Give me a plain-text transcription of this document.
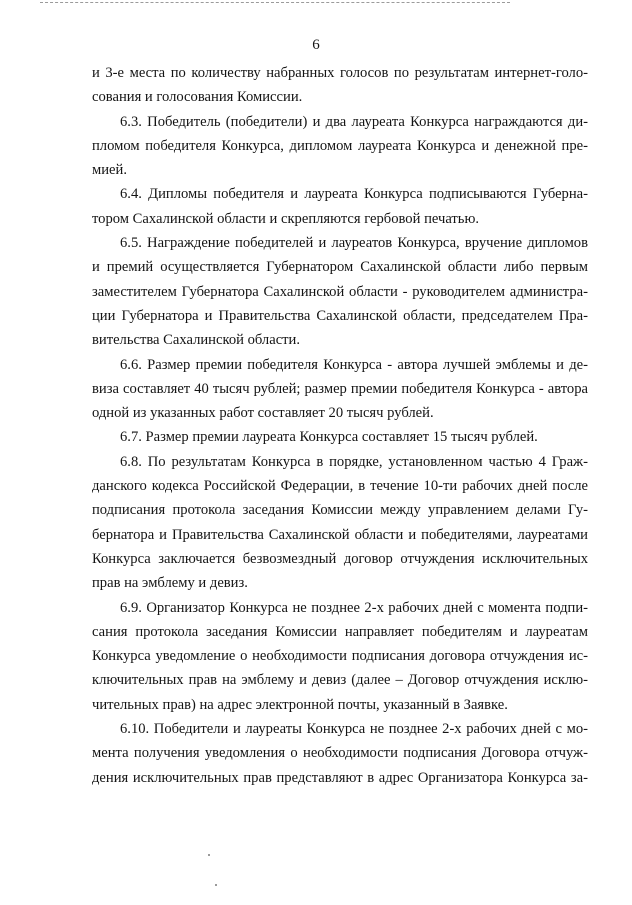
6

и 3-е места по количеству набранных голосов по результатам интернет-голо-
сования и голосования Комиссии.

6.3. Победитель (победители) и два лауреата Конкурса награждаются ди-
пломом победителя Конкурса, дипломом лауреата Конкурса и денежной пре-
мией.

6.4. Дипломы победителя и лауреата Конкурса подписываются Губерна-
тором Сахалинской области и скрепляются гербовой печатью.

6.5. Награждение победителей и лауреатов Конкурса, вручение дипломов
и премий осуществляется Губернатором Сахалинской области либо первым
заместителем Губернатора Сахалинской области - руководителем администра-
ции Губернатора и Правительства Сахалинской области, председателем Пра-
вительства Сахалинской области.

6.6. Размер премии победителя Конкурса - автора лучшей эмблемы и де-
виза составляет 40 тысяч рублей; размер премии победителя Конкурса - автора
одной из указанных работ составляет 20 тысяч рублей.

6.7. Размер премии лауреата Конкурса составляет 15 тысяч рублей.

6.8. По результатам Конкурса в порядке, установленном частью 4 Граж-
данского кодекса Российской Федерации, в течение 10-ти рабочих дней после
подписания протокола заседания Комиссии между управлением делами Гу-
бернатора и Правительства Сахалинской области и победителями, лауреатами
Конкурса заключается безвозмездный договор отчуждения исключительных
прав на эмблему и девиз.

6.9. Организатор Конкурса не позднее 2-х рабочих дней с момента подпи-
сания протокола заседания Комиссии направляет победителям и лауреатам
Конкурса уведомление о необходимости подписания договора отчуждения ис-
ключительных прав на эмблему и девиз (далее – Договор отчуждения исклю-
чительных прав) на адрес электронной почты, указанный в Заявке.

6.10. Победители и лауреаты Конкурса не позднее 2-х рабочих дней с мо-
мента получения уведомления о необходимости подписания Договора отчуж-
дения исключительных прав представляют в адрес Организатора Конкурса за-
